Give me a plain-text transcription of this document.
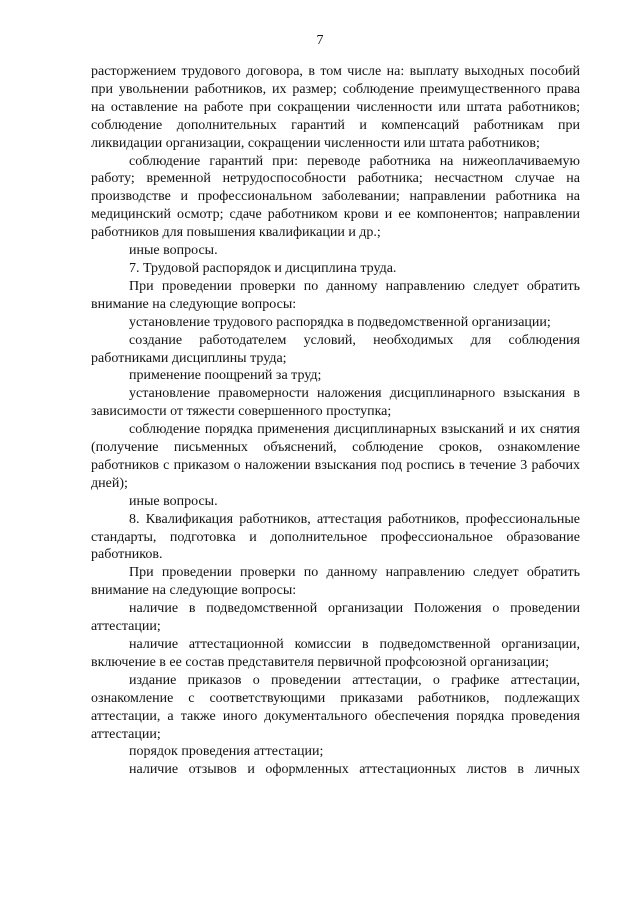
7

расторжением трудового договора, в том числе на: выплату выходных пособий при увольнении работников, их размер; соблюдение преимущественного права на оставление на работе при сокращении численности или штата работников; соблюдение дополнительных гарантий и компенсаций работникам при ликвидации организации, сокращении численности или штата работников;

соблюдение гарантий при: переводе работника на нижеоплачиваемую работу; временной нетрудоспособности работника; несчастном случае на производстве и профессиональном заболевании; направлении работника на медицинский осмотр; сдаче работником крови и ее компонентов; направлении работников для повышения квалификации и др.;

иные вопросы.

7. Трудовой распорядок и дисциплина труда.

При проведении проверки по данному направлению следует обратить внимание на следующие вопросы:

установление трудового распорядка в подведомственной организации;

создание работодателем условий, необходимых для соблюдения работниками дисциплины труда;

применение поощрений за труд;

установление правомерности наложения дисциплинарного взыскания в зависимости от тяжести совершенного проступка;

соблюдение порядка применения дисциплинарных взысканий и их снятия (получение письменных объяснений, соблюдение сроков, ознакомление работников с приказом о наложении взыскания под роспись в течение 3 рабочих дней);

иные вопросы.

8. Квалификация работников, аттестация работников, профессиональные стандарты, подготовка и дополнительное профессиональное образование работников.

При проведении проверки по данному направлению следует обратить внимание на следующие вопросы:

наличие в подведомственной организации Положения о проведении аттестации;

наличие аттестационной комиссии в подведомственной организации, включение в ее состав представителя первичной профсоюзной организации;

издание приказов о проведении аттестации, о графике аттестации, ознакомление с соответствующими приказами работников, подлежащих аттестации, а также иного документального обеспечения порядка проведения аттестации;

порядок проведения аттестации;

наличие отзывов и оформленных аттестационных листов в личных
